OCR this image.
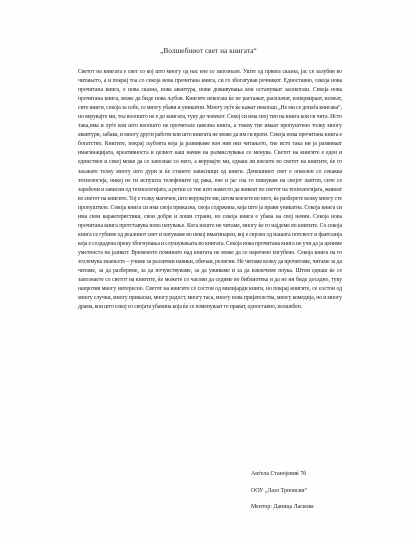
„Волшебниот свет на книгата“

Светот на книгата е свет со кој што многу од нас ене се запознале. Уште од првата сказна, јас се залубив во читањето, а и покрај тоа со секоја нова прочитана книга, си го збогатував речникот. Едноставно, секоја нова прочитана книга, е нова сказна, нова авантура, нови доживувања кои остануваат засекогаш. Секоја нова прочитана книга, може да биде нова љубов. Книгите некогаш ќе не растажат, расплачат, изнервираат, исмеат, сите книги, секоја за себе, се многу убави и уникатни. Многу луѓе ќе кажат некогаш „Не ми се допаѓа книгава“, но верувајте ми, тоа воопшто не е до книгата, туку до човекот. Секој си има свој тип на книга кои ги чита. Исто така,има и луѓе кои што воопшто не прочитале швелна книга, а токму тие имаат пропуштено толку многу авантури, забава, и многу други работи кои што книгата не може да им ги врати. Секоја нова прочитана книга е богатство. Книгите, покрај љубовта која ја развиваме кон нив низ читањето, тие исто така ни ја развиваат имагинацијата, креативноста и целиот наш начин на размислување се менува. Светот на книгите е еден и единствен и секој може да се запознае со него, а верувајте ми, еднаш ли влезете во светот на книгите, ќе го засакате толку многу што дури и ќе станете зависници од книги. Денешниот свет е опколен со секаква технологија, никој не ги испушта телефоните од рака, ене и јас оза го пишувам на својот лаптоп, сите се заробени и зависни од технологијата, а ретки се тие што наместо да живеат во светот на технологијата, живеат во светот на книгите. Тој е толку магичен, што верувајте ми, штом влезете во него, ќе разберете колку многу сте пропуштиле. Секоја книга си има своја приказна, своја содржина, која што ја прави уникатна. Секоја книга си има свои карактеристики, свои добри и лоши страни, но секоја книга е убава на свој начин. Секоја нова прочитана книга претставува ново патување. Кога нешто не читаме, многу ќе го најдеме во книгите. Со секоја книга се губиме од реалниот свет и патуваме во некој имагинарен, кој е сврзен од нашата потсвест и фантазија која е создадена преку збогнувања и слушувањата во книгата. Секоја нова прочитана книга не учи да ја цениме уметноста на јазикот. Временото поминато над книгата не може да се наречено изгубено. Секоја книга на го зголемува знаењето – учиме за различни навики, обичаи, религии. Не читаме колку да прочитаме, читаме за да читаме, за да разбереме, за да почувствуваме, за да уживаме и за да извлечеме поука. Штом еднаш ќе се запознаете со светот на книгите, ќе можете со часови да седиме во библиотека и да не ни биде досадно, туку напротив многу интересно. Светот на книгите се состои од милијарди книги, но покрај книгите, се состои од многу случки, многу прикаски, многу радост, многу таса, многу нова пријателства, многу комедија, но и многу драма, кои што секој со својата убавина која ќе се изменуваат го прават, едноставно, волшебен.

Анѓела Станојевиќ 7б
ООУ „Лазо Трповски“
Ментор: Даница Ласкова
